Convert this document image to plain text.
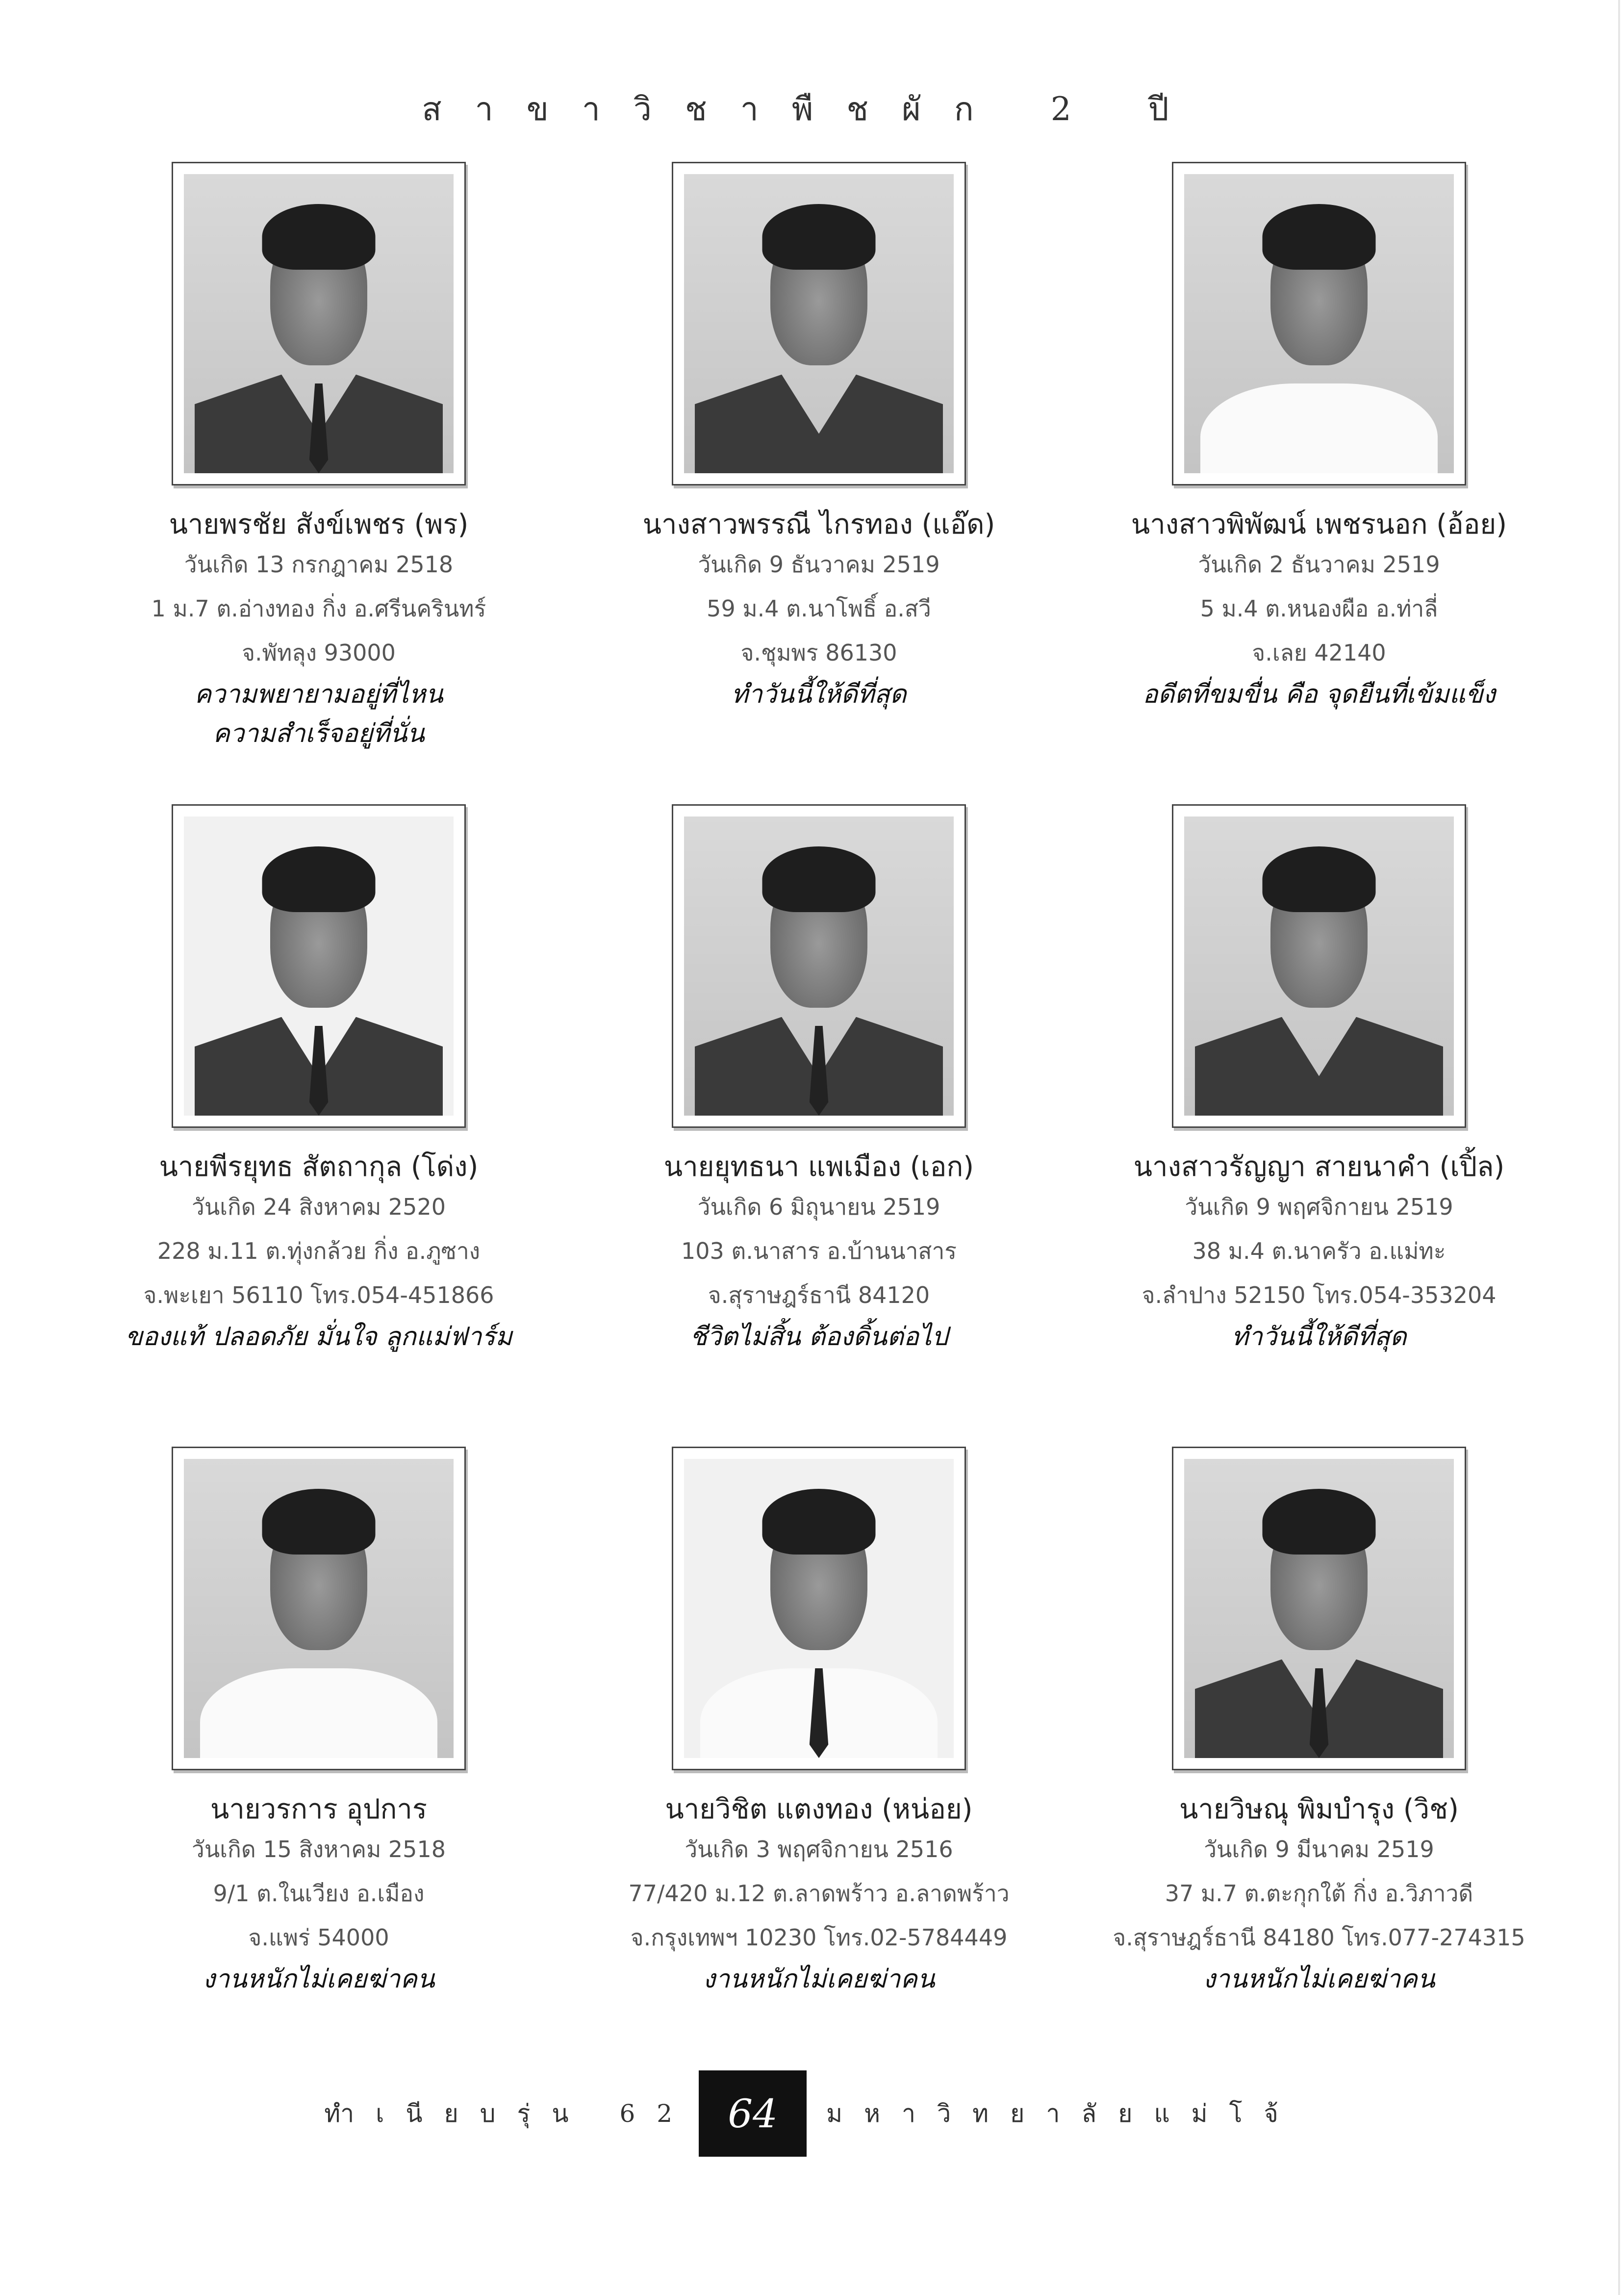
สาขาวิชาพืชผัก 2 ปี
นายพรชัย สังข์เพชร (พร)
วันเกิด 13 กรกฎาคม 2518
1 ม.7 ต.อ่างทอง กิ่ง อ.ศรีนครินทร์
จ.พัทลุง 93000
ความพยายามอยู่ที่ไหน
ความสำเร็จอยู่ที่นั่น
นางสาวพรรณี ไกรทอง (แอ๊ด)
วันเกิด 9 ธันวาคม 2519
59 ม.4 ต.นาโพธิ์ อ.สวี
จ.ชุมพร 86130
ทำวันนี้ให้ดีที่สุด
นางสาวพิพัฒน์ เพชรนอก (อ้อย)
วันเกิด 2 ธันวาคม 2519
5 ม.4 ต.หนองผือ อ.ท่าลี่
จ.เลย 42140
อดีตที่ขมขื่น คือ จุดยืนที่เข้มแข็ง
นายพีรยุทธ สัตถากุล (โด่ง)
วันเกิด 24 สิงหาคม 2520
228 ม.11 ต.ทุ่งกล้วย กิ่ง อ.ภูซาง
จ.พะเยา 56110 โทร.054-451866
ของแท้ ปลอดภัย มั่นใจ ลูกแม่ฟาร์ม
นายยุทธนา แพเมือง (เอก)
วันเกิด 6 มิถุนายน 2519
103 ต.นาสาร อ.บ้านนาสาร
จ.สุราษฎร์ธานี 84120
ชีวิตไม่สิ้น ต้องดิ้นต่อไป
นางสาวรัญญา สายนาคำ (เปิ้ล)
วันเกิด 9 พฤศจิกายน 2519
38 ม.4 ต.นาครัว อ.แม่ทะ
จ.ลำปาง 52150 โทร.054-353204
ทำวันนี้ให้ดีที่สุด
นายวรการ อุปการ
วันเกิด 15 สิงหาคม 2518
9/1 ต.ในเวียง อ.เมือง
จ.แพร่ 54000
งานหนักไม่เคยฆ่าคน
นายวิชิต แตงทอง (หน่อย)
วันเกิด 3 พฤศจิกายน 2516
77/420 ม.12 ต.ลาดพร้าว อ.ลาดพร้าว
จ.กรุงเทพฯ 10230 โทร.02-5784449
งานหนักไม่เคยฆ่าคน
นายวิษณุ พิมบำรุง (วิช)
วันเกิด 9 มีนาคม 2519
37 ม.7 ต.ตะกุกใต้ กิ่ง อ.วิภาวดี
จ.สุราษฎร์ธานี 84180 โทร.077-274315
งานหนักไม่เคยฆ่าคน
ทำเนียบรุ่น 62 64	มหาวิทยาลัยแม่โจ้
